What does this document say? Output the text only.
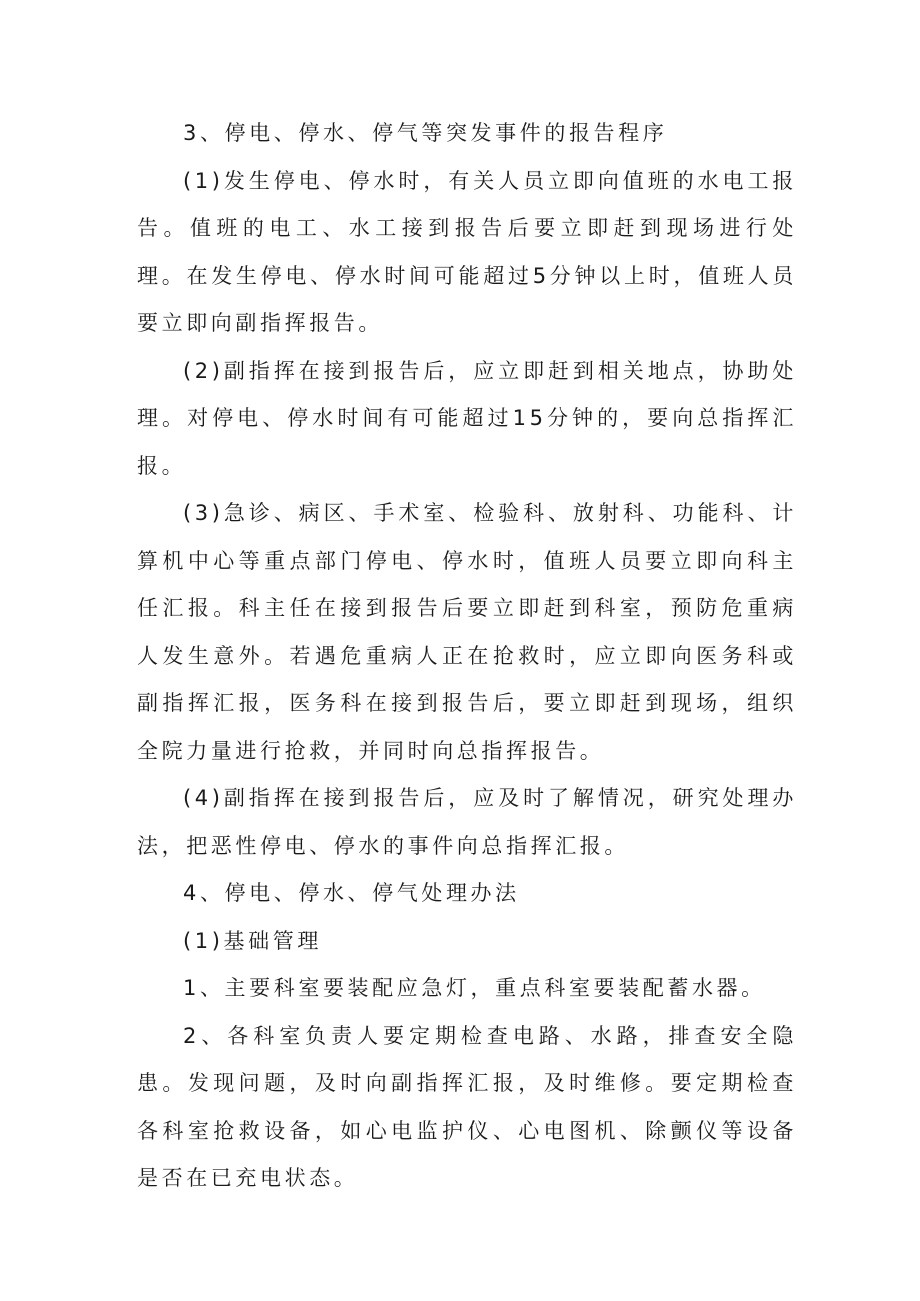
3、停电、停水、停气等突发事件的报告程序

(1)发生停电、停水时，有关人员立即向值班的水电工报告。值班的电工、水工接到报告后要立即赶到现场进行处理。在发生停电、停水时间可能超过5分钟以上时，值班人员要立即向副指挥报告。

(2)副指挥在接到报告后，应立即赶到相关地点，协助处理。对停电、停水时间有可能超过15分钟的，要向总指挥汇报。

(3)急诊、病区、手术室、检验科、放射科、功能科、计算机中心等重点部门停电、停水时，值班人员要立即向科主任汇报。科主任在接到报告后要立即赶到科室，预防危重病人发生意外。若遇危重病人正在抢救时，应立即向医务科或副指挥汇报，医务科在接到报告后，要立即赶到现场，组织全院力量进行抢救，并同时向总指挥报告。

(4)副指挥在接到报告后，应及时了解情况，研究处理办法，把恶性停电、停水的事件向总指挥汇报。

4、停电、停水、停气处理办法

(1)基础管理

1、主要科室要装配应急灯，重点科室要装配蓄水器。

2、各科室负责人要定期检查电路、水路，排查安全隐患。发现问题，及时向副指挥汇报，及时维修。要定期检查各科室抢救设备，如心电监护仪、心电图机、除颤仪等设备是否在已充电状态。
